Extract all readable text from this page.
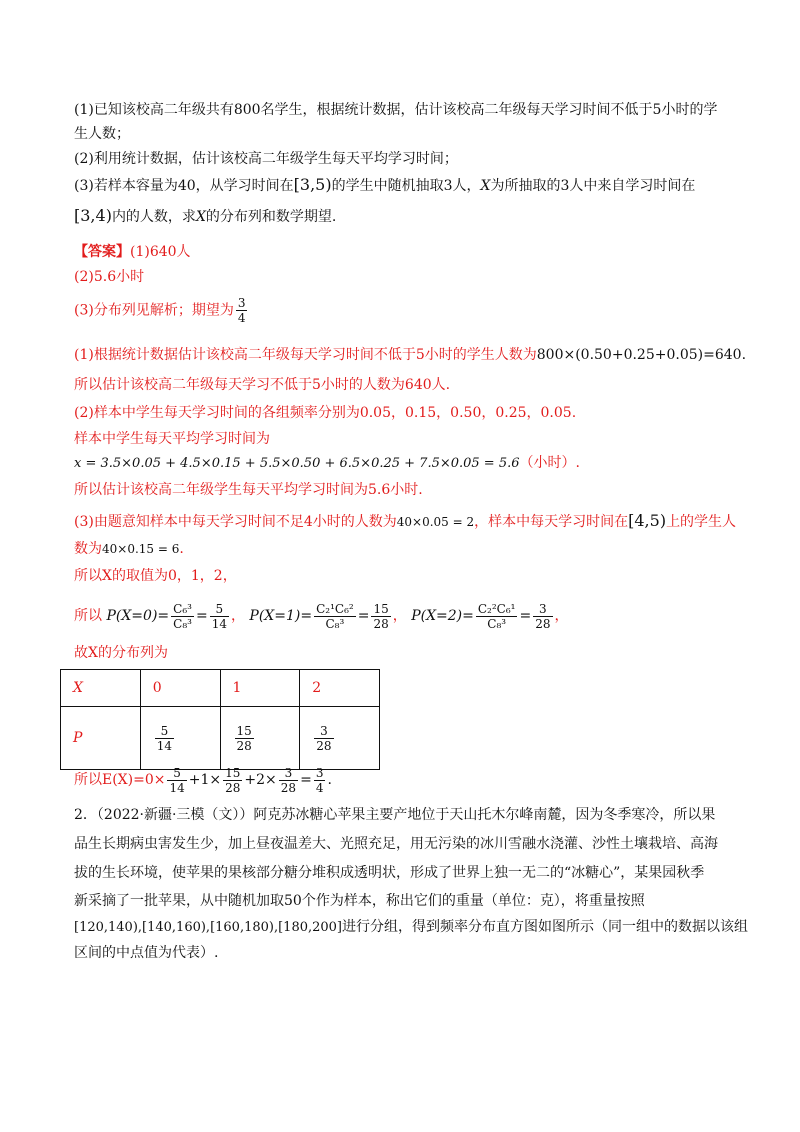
(1)已知该校高二年级共有800名学生，根据统计数据，估计该校高二年级每天学习时间不低于5小时的学
生人数；
(2)利用统计数据，估计该校高二年级学生每天平均学习时间；
(3)若样本容量为40，从学习时间在[3,5)的学生中随机抽取3人，X为所抽取的3人中来自学习时间在
[3,4)内的人数，求X的分布列和数学期望.
【答案】(1)640人
(2)5.6小时
(3)分布列见解析；期望为 $\frac{3}{4}$
(1)根据统计数据估计该校高二年级每天学习时间不低于5小时的学生人数为800×(0.50+0.25+0.05)=640.
所以估计该校高二年级每天学习不低于5小时的人数为640人.
(2)样本中学生每天学习时间的各组频率分别为0.05，0.15，0.50，0.25，0.05.
样本中学生每天平均学习时间为
x = 3.5×0.05 + 4.5×0.15 + 5.5×0.50 + 6.5×0.25 + 7.5×0.05 = 5.6（小时）.
所以估计该校高二年级学生每天平均学习时间为5.6小时.
(3)由题意知样本中每天学习时间不足4小时的人数为40×0.05 = 2，样本中每天学习时间在[4,5)上的学生人
数为40×0.15 = 6.
所以X的取值为0，1，2，
所以 $P(X=0)= \frac{\text{C₆³}}{\text{C₈³}} = \frac{5}{14}$ ， $P(X=1)= \frac{\text{C₂¹C₆²}}{\text{C₈³}} = \frac{15}{28}$ ， $P(X=2)= \frac{\text{C₂²C₆¹}}{\text{C₈³}} = \frac{3}{28}$ ，
故X的分布列为
X	0	1	2
P	$\frac{5}{14}$	$\frac{15}{28}$	$\frac{3}{28}$
所以$E(X)=0\times \frac{5}{14} +1\times \frac{15}{28} +2\times \frac{3}{28} = \frac{3}{4}$ .
2．（2022·新疆·三模（文））阿克苏冰糖心苹果主要产地位于天山托木尔峰南麓，因为冬季寒冷，所以果
品生长期病虫害发生少，加上昼夜温差大、光照充足，用无污染的冰川雪融水浇灌、沙性土壤栽培、高海
拔的生长环境，使苹果的果核部分糖分堆积成透明状，形成了世界上独一无二的“冰糖心”，某果园秋季
新采摘了一批苹果，从中随机加取50个作为样本，称出它们的重量（单位：克），将重量按照
[120,140),[140,160),[160,180),[180,200]进行分组，得到频率分布直方图如图所示（同一组中的数据以该组
区间的中点值为代表）.
